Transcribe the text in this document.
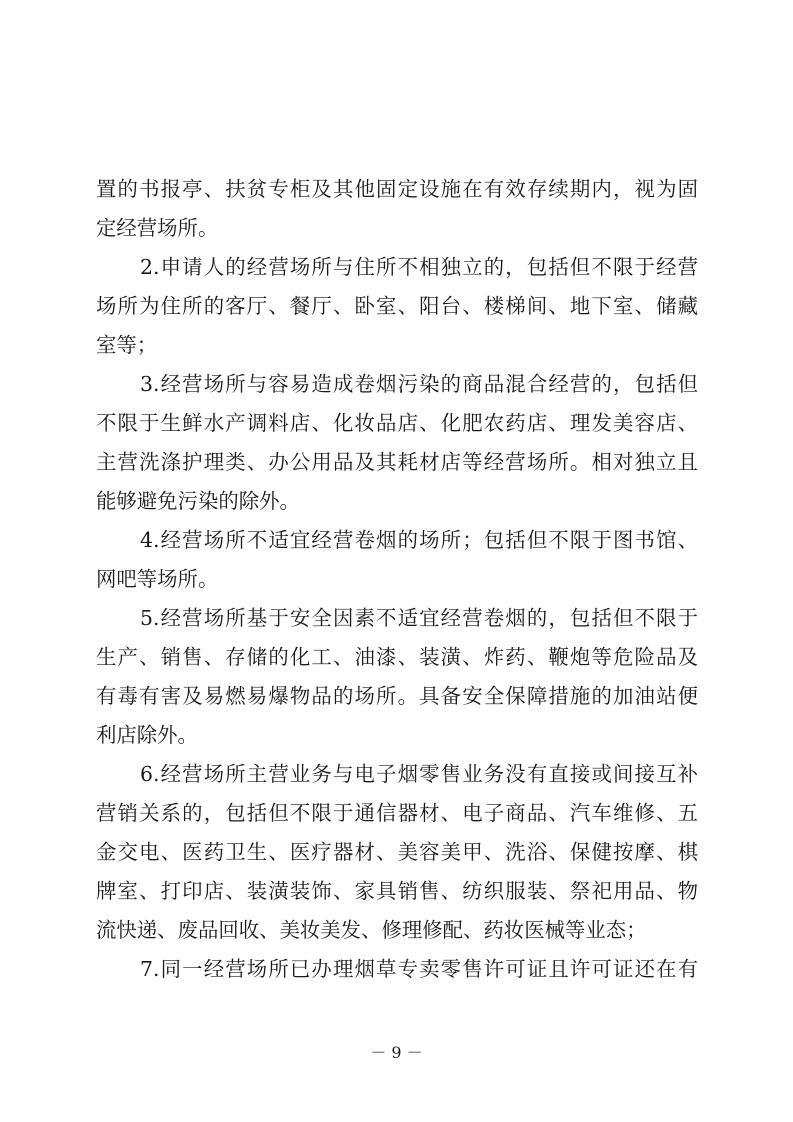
置的书报亭、扶贫专柜及其他固定设施在有效存续期内，视为固
定经营场所。
2.申请人的经营场所与住所不相独立的，包括但不限于经营
场所为住所的客厅、餐厅、卧室、阳台、楼梯间、地下室、储藏
室等；
3.经营场所与容易造成卷烟污染的商品混合经营的，包括但
不限于生鲜水产调料店、化妆品店、化肥农药店、理发美容店、
主营洗涤护理类、办公用品及其耗材店等经营场所。相对独立且
能够避免污染的除外。
4.经营场所不适宜经营卷烟的场所；包括但不限于图书馆、
网吧等场所。
5.经营场所基于安全因素不适宜经营卷烟的，包括但不限于
生产、销售、存储的化工、油漆、装潢、炸药、鞭炮等危险品及
有毒有害及易燃易爆物品的场所。具备安全保障措施的加油站便
利店除外。
6.经营场所主营业务与电子烟零售业务没有直接或间接互补
营销关系的，包括但不限于通信器材、电子商品、汽车维修、五
金交电、医药卫生、医疗器材、美容美甲、洗浴、保健按摩、棋
牌室、打印店、装潢装饰、家具销售、纺织服装、祭祀用品、物
流快递、废品回收、美妆美发、修理修配、药妆医械等业态；
7.同一经营场所已办理烟草专卖零售许可证且许可证还在有
－ 9 －
